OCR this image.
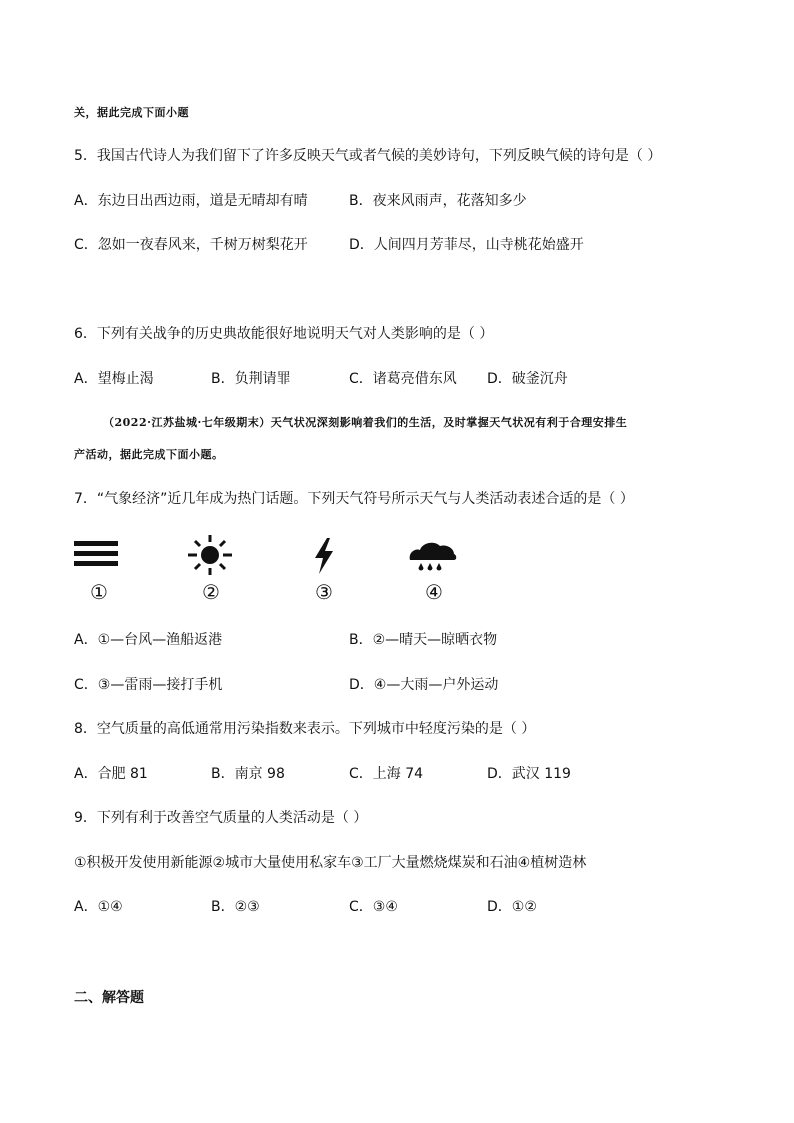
关，据此完成下面小题
5．我国古代诗人为我们留下了许多反映天气或者气候的美妙诗句，下列反映气候的诗句是（ ）
A．东边日出西边雨，道是无晴却有晴	B．夜来风雨声，花落知多少
C．忽如一夜春风来，千树万树梨花开	D．人间四月芳菲尽，山寺桃花始盛开
6．下列有关战争的历史典故能很好地说明天气对人类影响的是（ ）
A．望梅止渴	B．负荆请罪	C．诸葛亮借东风 D．破釜沉舟
（2022·江苏盐城·七年级期末）天气状况深刻影响着我们的生活，及时掌握天气状况有利于合理安排生
产活动，据此完成下面小题。
7．“气象经济”近几年成为热门话题。下列天气符号所示天气与人类活动表述合适的是（ ）
①	②	③	④
A．①—台风—渔船返港	B．②—晴天—晾晒衣物
C．③—雷雨—接打手机	D．④—大雨—户外运动
8．空气质量的高低通常用污染指数来表示。下列城市中轻度污染的是（ ）
A．合肥 81	B．南京 98	C．上海 74	D．武汉 119
9．下列有利于改善空气质量的人类活动是（ ）
①积极开发使用新能源②城市大量使用私家车③工厂大量燃烧煤炭和石油④植树造林
A．①④	B．②③	C．③④	D．①②
二、解答题
